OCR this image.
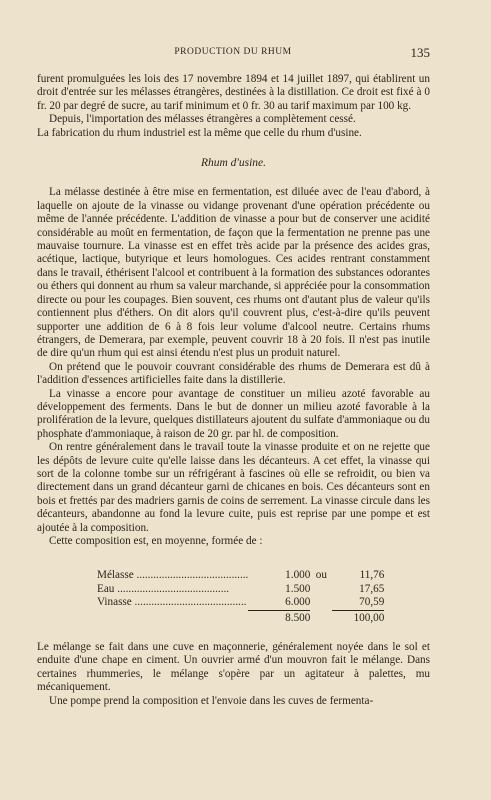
PRODUCTION DU RHUM	135

furent promulguées les lois des 17 novembre 1894 et 14 juillet 1897, qui établirent un droit d'entrée sur les mélasses étrangères, destinées à la distillation. Ce droit est fixé à 0 fr. 20 par degré de sucre, au tarif minimum et 0 fr. 30 au tarif maximum par 100 kg.

Depuis, l'importation des mélasses étrangères a complètement cessé.

La fabrication du rhum industriel est la même que celle du rhum d'usine.

Rhum d'usine.

La mélasse destinée à être mise en fermentation, est diluée avec de l'eau d'abord, à laquelle on ajoute de la vinasse ou vidange provenant d'une opération précédente ou même de l'année précédente. L'addition de vinasse a pour but de conserver une acidité considérable au moût en fermentation, de façon que la fermentation ne prenne pas une mauvaise tournure. La vinasse est en effet très acide par la présence des acides gras, acétique, lactique, butyrique et leurs homologues. Ces acides rentrant constamment dans le travail, éthérisent l'alcool et contribuent à la formation des substances odorantes ou éthers qui donnent au rhum sa valeur marchande, si appréciée pour la consommation directe ou pour les coupages. Bien souvent, ces rhums ont d'autant plus de valeur qu'ils contiennent plus d'éthers. On dit alors qu'il couvrent plus, c'est-à-dire qu'ils peuvent supporter une addition de 6 à 8 fois leur volume d'alcool neutre. Certains rhums étrangers, de Demerara, par exemple, peuvent couvrir 18 à 20 fois. Il n'est pas inutile de dire qu'un rhum qui est ainsi étendu n'est plus un produit naturel.

On prétend que le pouvoir couvrant considérable des rhums de Demerara est dû à l'addition d'essences artificielles faite dans la distillerie.

La vinasse a encore pour avantage de constituer un milieu azoté favorable au développement des ferments. Dans le but de donner un milieu azoté favorable à la prolifération de la levure, quelques distillateurs ajoutent du sulfate d'ammoniaque ou du phosphate d'ammoniaque, à raison de 20 gr. par hl. de composition.

On rentre généralement dans le travail toute la vinasse produite et on ne rejette que les dépôts de levure cuite qu'elle laisse dans les décanteurs. A cet effet, la vinasse qui sort de la colonne tombe sur un réfrigérant à fascines où elle se refroidit, ou bien va directement dans un grand décanteur garni de chicanes en bois. Ces décanteurs sont en bois et frettés par des madriers garnis de coins de serrement. La vinasse circule dans les décanteurs, abandonne au fond la levure cuite, puis est reprise par une pompe et est ajoutée à la composition.

Cette composition est, en moyenne, formée de :

Mélasse ........................................	1.000	ou	11,76
Eau ........................................	1.500		17,65
Vinasse ........................................	6.000		70,59
	8.500		100,00

Le mélange se fait dans une cuve en maçonnerie, généralement noyée dans le sol et enduite d'une chape en ciment. Un ouvrier armé d'un mouvron fait le mélange. Dans certaines rhummeries, le mélange s'opère par un agitateur à palettes, mu mécaniquement.

Une pompe prend la composition et l'envoie dans les cuves de fermenta-
